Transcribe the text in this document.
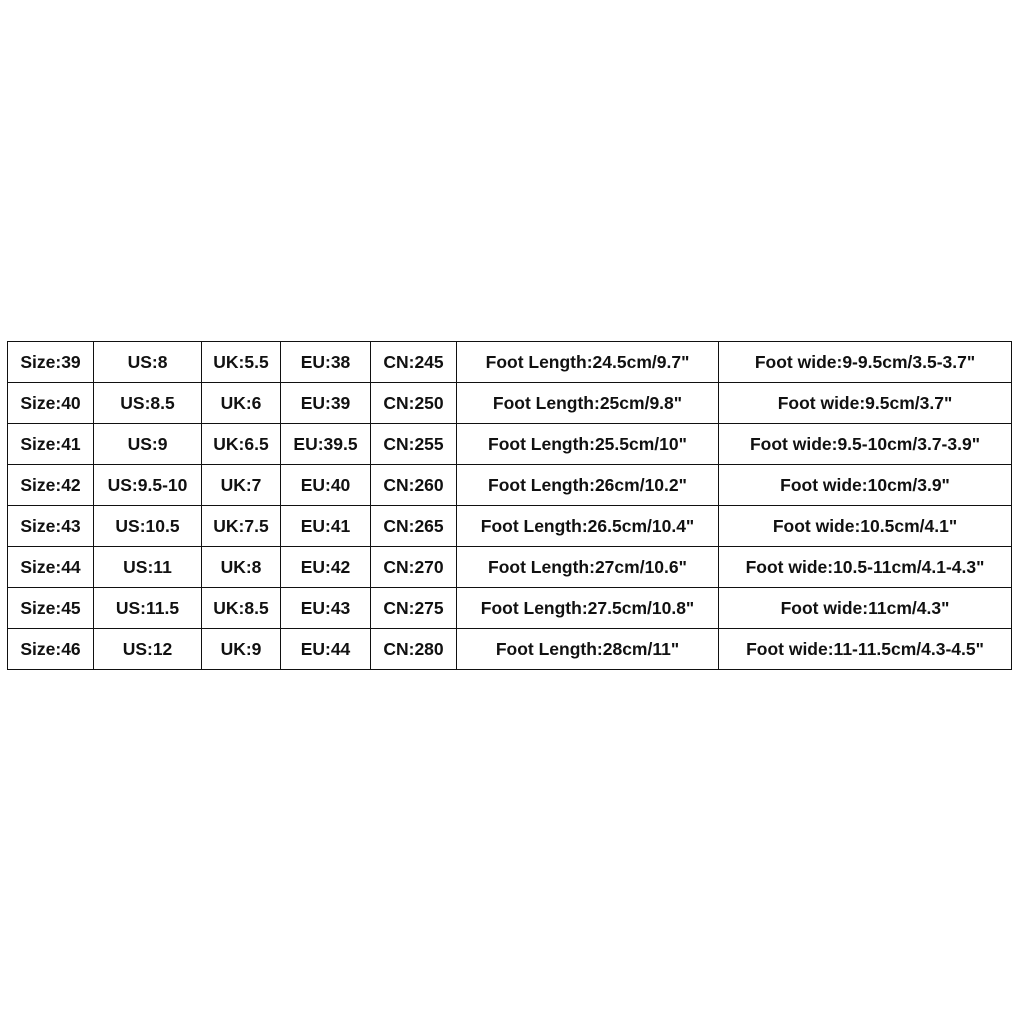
Size:39	US:8	UK:5.5	EU:38	CN:245	Foot Length:24.5cm/9.7"	Foot wide:9-9.5cm/3.5-3.7"
Size:40	US:8.5	UK:6	EU:39	CN:250	Foot Length:25cm/9.8"	Foot wide:9.5cm/3.7"
Size:41	US:9	UK:6.5	EU:39.5	CN:255	Foot Length:25.5cm/10"	Foot wide:9.5-10cm/3.7-3.9"
Size:42	US:9.5-10	UK:7	EU:40	CN:260	Foot Length:26cm/10.2"	Foot wide:10cm/3.9"
Size:43	US:10.5	UK:7.5	EU:41	CN:265	Foot Length:26.5cm/10.4"	Foot wide:10.5cm/4.1"
Size:44	US:11	UK:8	EU:42	CN:270	Foot Length:27cm/10.6"	Foot wide:10.5-11cm/4.1-4.3"
Size:45	US:11.5	UK:8.5	EU:43	CN:275	Foot Length:27.5cm/10.8"	Foot wide:11cm/4.3"
Size:46	US:12	UK:9	EU:44	CN:280	Foot Length:28cm/11"	Foot wide:11-11.5cm/4.3-4.5"
